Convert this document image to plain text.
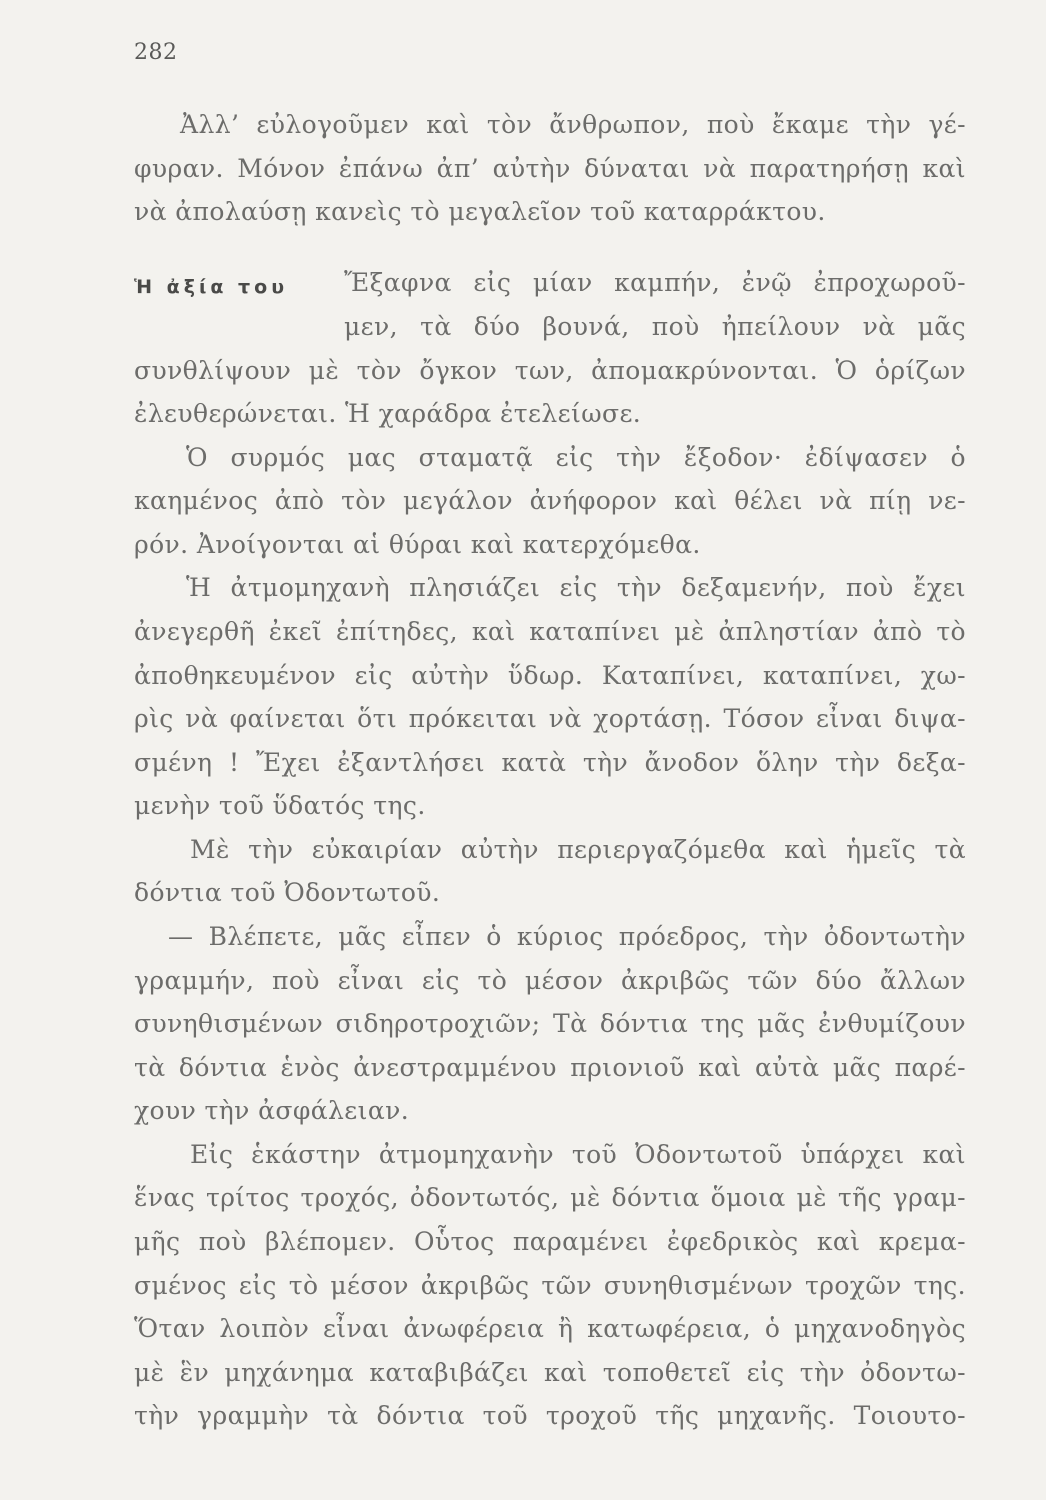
282
Ἀλλ’ εὐλογοῦμεν καὶ τὸν ἄνθρωπον, ποὺ ἔκαμε τὴν γέ-
φυραν. Μόνον ἐπάνω ἀπ’ αὐτὴν δύναται νὰ παρατηρήσῃ καὶ
νὰ ἀπολαύσῃ κανεὶς τὸ μεγαλεῖον τοῦ καταρράκτου.
Ἡ ἀξία του Ἔξαφνα εἰς μίαν καμπήν, ἐνῷ ἐπροχωροῦ-
μεν, τὰ δύο βουνά, ποὺ ἠπείλουν νὰ μᾶς
συνθλίψουν μὲ τὸν ὄγκον των, ἀπομακρύνονται. Ὁ ὁρίζων
ἐλευθερώνεται. Ἡ χαράδρα ἐτελείωσε.
Ὁ συρμός μας σταματᾷ εἰς τὴν ἔξοδον· ἐδίψασεν ὁ
καημένος ἀπὸ τὸν μεγάλον ἀνήφορον καὶ θέλει νὰ πίῃ νε-
ρόν. Ἀνοίγονται αἱ θύραι καὶ κατερχόμεθα.
Ἡ ἀτμομηχανὴ πλησιάζει εἰς τὴν δεξαμενήν, ποὺ ἔχει
ἀνεγερθῆ ἐκεῖ ἐπίτηδες, καὶ καταπίνει μὲ ἀπληστίαν ἀπὸ τὸ
ἀποθηκευμένον εἰς αὐτὴν ὕδωρ. Καταπίνει, καταπίνει, χω-
ρὶς νὰ φαίνεται ὅτι πρόκειται νὰ χορτάσῃ. Τόσον εἶναι διψα-
σμένη ! Ἔχει ἐξαντλήσει κατὰ τὴν ἄνοδον ὅλην τὴν δεξα-
μενὴν τοῦ ὕδατός της.
Μὲ τὴν εὐκαιρίαν αὐτὴν περιεργαζόμεθα καὶ ἡμεῖς τὰ
δόντια τοῦ Ὀδοντωτοῦ.
— Βλέπετε, μᾶς εἶπεν ὁ κύριος πρόεδρος, τὴν ὀδοντωτὴν
γραμμήν, ποὺ εἶναι εἰς τὸ μέσον ἀκριβῶς τῶν δύο ἄλλων
συνηθισμένων σιδηροτροχιῶν; Τὰ δόντια της μᾶς ἐνθυμίζουν
τὰ δόντια ἑνὸς ἀνεστραμμένου πριονιοῦ καὶ αὐτὰ μᾶς παρέ-
χουν τὴν ἀσφάλειαν.
Εἰς ἑκάστην ἀτμομηχανὴν τοῦ Ὀδοντωτοῦ ὑπάρχει καὶ
ἕνας τρίτος τροχός, ὀδοντωτός, μὲ δόντια ὅμοια μὲ τῆς γραμ-
μῆς ποὺ βλέπομεν. Οὗτος παραμένει ἐφεδρικὸς καὶ κρεμα-
σμένος εἰς τὸ μέσον ἀκριβῶς τῶν συνηθισμένων τροχῶν της.
Ὅταν λοιπὸν εἶναι ἀνωφέρεια ἢ κατωφέρεια, ὁ μηχανοδηγὸς
μὲ ἓν μηχάνημα καταβιβάζει καὶ τοποθετεῖ εἰς τὴν ὀδοντω-
τὴν γραμμὴν τὰ δόντια τοῦ τροχοῦ τῆς μηχανῆς. Τοιουτο-
